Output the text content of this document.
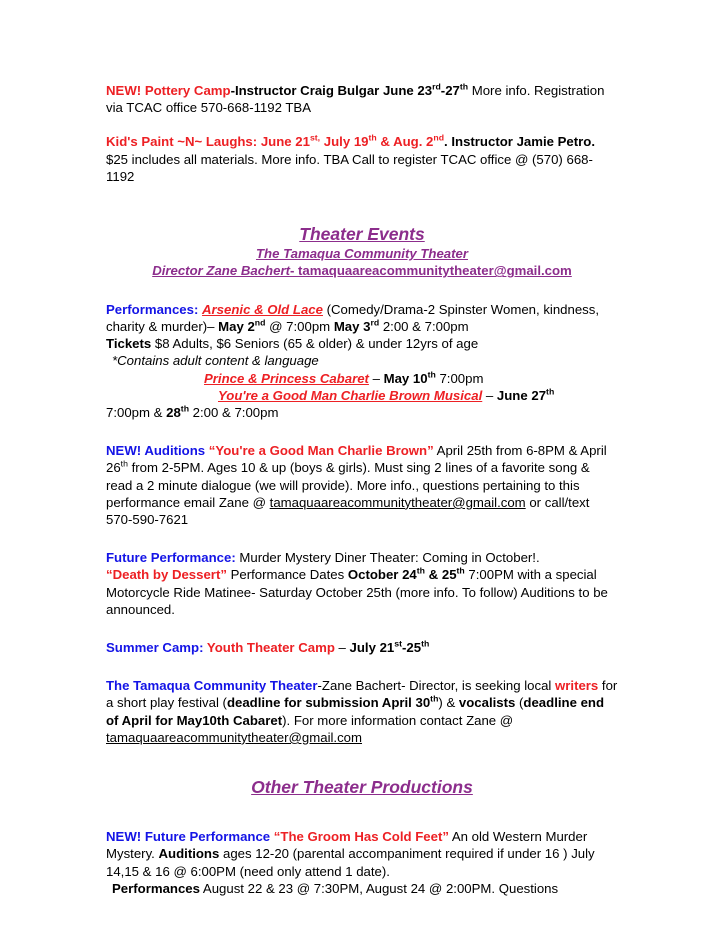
NEW! Pottery Camp-Instructor Craig Bulgar June 23rd-27th More info. Registration via TCAC office 570-668-1192 TBA

Kid's Paint ~N~ Laughs: June $21^{st,}$ July 19th & Aug. 2nd. Instructor Jamie Petro. $25 includes all materials. More info. TBA Call to register TCAC office @ (570) 668-1192

Theater Events

The Tamaqua Community Theater

Director Zane Bachert- tamaquaareacommunitytheater@gmail.com

Performances: Arsenic & Old Lace (Comedy/Drama-2 Spinster Women, kindness, charity & murder)– May 2nd @ 7:00pm May 3rd 2:00 & 7:00pm

Tickets $8 Adults, $6 Seniors (65 & older) & under 12yrs of age

*Contains adult content & language

Prince & Princess Cabaret – May 10th 7:00pm

You're a Good Man Charlie Brown Musical – June 27th

7:00pm & 28th 2:00 & 7:00pm

NEW! Auditions “You're a Good Man Charlie Brown” April 25th from 6-8PM & April 26th from 2-5PM. Ages 10 & up (boys & girls). Must sing 2 lines of a favorite song & read a 2 minute dialogue (we will provide). More info., questions pertaining to this performance email Zane @ tamaquaareacommunitytheater@gmail.com or call/text 570-590-7621

Future Performance: Murder Mystery Diner Theater: Coming in October!.

“Death by Dessert” Performance Dates October 24th & 25th 7:00PM with a special Motorcycle Ride Matinee- Saturday October 25th (more info. To follow) Auditions to be announced.

Summer Camp: Youth Theater Camp – July 21st-25th

The Tamaqua Community Theater-Zane Bachert- Director, is seeking local writers for a short play festival (deadline for submission April 30th) & vocalists (deadline end of April for May10th Cabaret). For more information contact Zane @ tamaquaareacommunitytheater@gmail.com

Other Theater Productions

NEW! Future Performance “The Groom Has Cold Feet” An old Western Murder Mystery. Auditions ages 12-20 (parental accompaniment required if under 16 ) July 14,15 & 16 @ 6:00PM (need only attend 1 date).

Performances August 22 & 23 @ 7:30PM, August 24 @ 2:00PM. Questions
